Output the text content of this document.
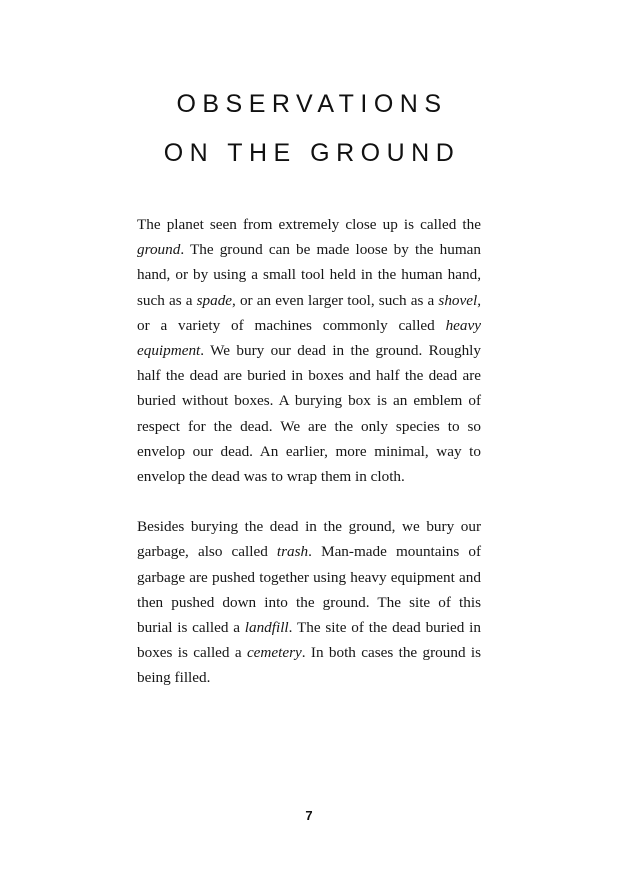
OBSERVATIONS
ON THE GROUND

The planet seen from extremely close up is called the ground. The ground can be made loose by the human hand, or by using a small tool held in the human hand, such as a spade, or an even larger tool, such as a shovel, or a variety of machines commonly called heavy equipment. We bury our dead in the ground. Roughly half the dead are buried in boxes and half the dead are buried without boxes. A burying box is an emblem of respect for the dead. We are the only species to so envelop our dead. An earlier, more minimal, way to envelop the dead was to wrap them in cloth.

Besides burying the dead in the ground, we bury our garbage, also called trash. Man-made mountains of garbage are pushed together using heavy equipment and then pushed down into the ground. The site of this burial is called a landfill. The site of the dead buried in boxes is called a cemetery. In both cases the ground is being filled.

7
